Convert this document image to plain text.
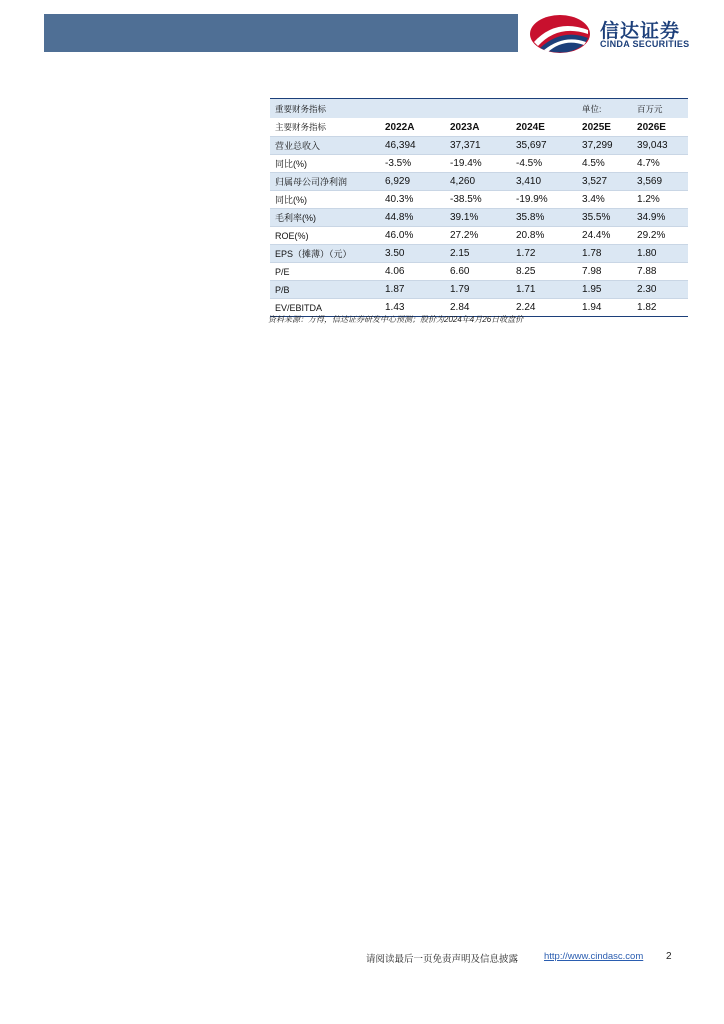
信达证券
CINDA SECURITIES
重要财务指标				单位:	百万元
主要财务指标	2022A	2023A	2024E	2025E	2026E
营业总收入	46,394	37,371	35,697	37,299	39,043
同比(%)	-3.5%	-19.4%	-4.5%	4.5%	4.7%
归属母公司净利润	6,929	4,260	3,410	3,527	3,569
同比(%)	40.3%	-38.5%	-19.9%	3.4%	1.2%
毛利率(%)	44.8%	39.1%	35.8%	35.5%	34.9%
ROE(%)	46.0%	27.2%	20.8%	24.4%	29.2%
EPS（摊薄）（元）	3.50	2.15	1.72	1.78	1.80
P/E	4.06	6.60	8.25	7.98	7.88
P/B	1.87	1.79	1.71	1.95	2.30
EV/EBITDA	1.43	2.84	2.24	1.94	1.82
资料来源：万得，信达证券研发中心预测；股价为2024年4月26日收盘价
请阅读最后一页免责声明及信息披露	http://www.cindasc.com 2
